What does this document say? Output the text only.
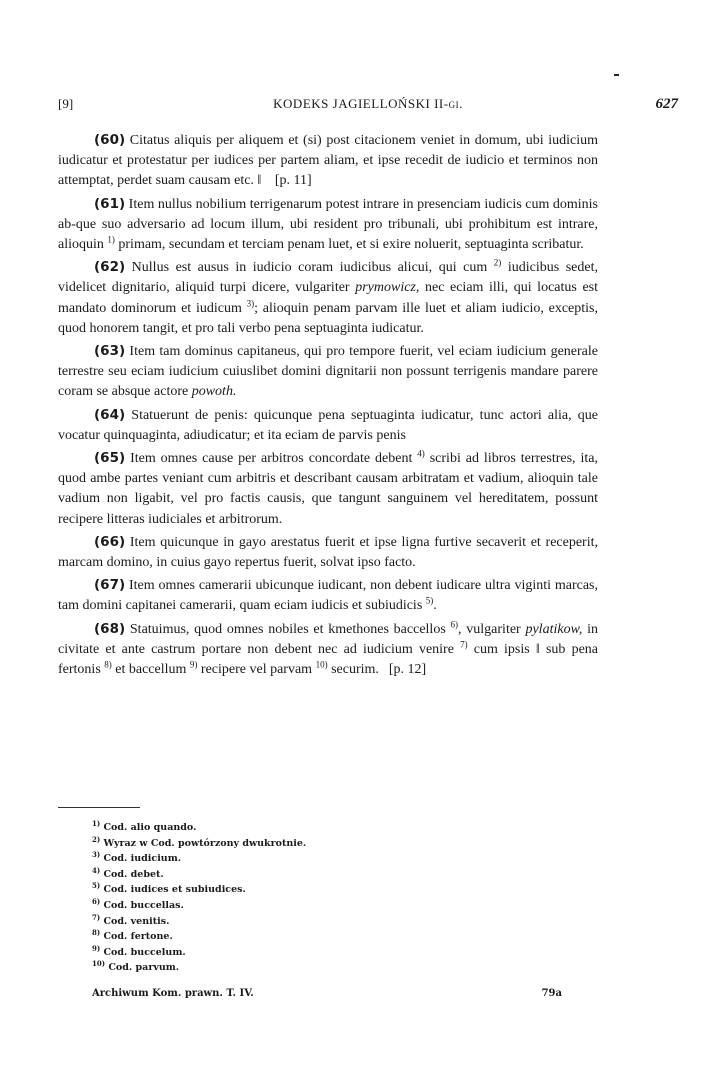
[9]	KODEKS JAGIELLOŃSKI II-gi.	627

(60) Citatus aliquis per aliquem et (si) post citacionem veniet in domum, ubi iudicium iudicatur et protestatur per iudices per partem aliam, et ipse recedit de iudicio et terminos non attemptat, perdet suam causam etc. ‖ [p. 11]

(61) Item nullus nobilium terrigenarum potest intrare in presenciam iudicis cum dominis ab-que suo adversario ad locum illum, ubi resident pro tribunali, ubi prohibitum est intrare, alioquin $^{1)}$ primam, secundam et terciam penam luet, et si exire noluerit, septuaginta scribatur.

(62) Nullus est ausus in iudicio coram iudicibus alicui, qui cum $^{2)}$ iudicibus sedet, videlicet dignitario, aliquid turpi dicere, vulgariter prymowicz, nec eciam illi, qui locatus est mandato dominorum et iudicum $^{3)}$; alioquin penam parvam ille luet et aliam iudicio, exceptis, quod honorem tangit, et pro tali verbo pena septuaginta iudicatur.

(63) Item tam dominus capitaneus, qui pro tempore fuerit, vel eciam iudicium generale terrestre seu eciam iudicium cuiuslibet domini dignitarii non possunt terrigenis mandare parere coram se absque actore powoth.

(64) Statuerunt de penis: quicunque pena septuaginta iudicatur, tunc actori alia, que vocatur quinquaginta, adiudicatur; et ita eciam de parvis penis

(65) Item omnes cause per arbitros concordate debent $^{4)}$ scribi ad libros terrestres, ita, quod ambe partes veniant cum arbitris et describant causam arbitratam et vadium, alioquin tale vadium non ligabit, vel pro factis causis, que tangunt sanguinem vel hereditatem, possunt recipere litteras iudiciales et arbitrorum.

(66) Item quicunque in gayo arestatus fuerit et ipse ligna furtive secaverit et receperit, marcam domino, in cuius gayo repertus fuerit, solvat ipso facto.

(67) Item omnes camerarii ubicunque iudicant, non debent iudicare ultra viginti marcas, tam domini capitanei camerarii, quam eciam iudicis et subiudicis $^{5)}$.

(68) Statuimus, quod omnes nobiles et kmethones baccellos $^{6)}$, vulgariter pylatikow, in civitate et ante castrum portare non debent nec ad iudicium venire $^{7)}$ cum ipsis ‖ sub pena fertonis $^{8)}$ et baccellum $^{9)}$ recipere vel parvam $^{10)}$ securim. [p. 12]

$^{1)}$ Cod. alio quando.
$^{2)}$ Wyraz w Cod. powtórzony dwukrotnie.
$^{3)}$ Cod. iudicium.
$^{4)}$ Cod. debet.
$^{5)}$ Cod. iudices et subiudices.
$^{6)}$ Cod. buccellas.
$^{7)}$ Cod. venitis.
$^{8)}$ Cod. fertone.
$^{9)}$ Cod. buccelum.
$^{10)}$ Cod. parvum.
Archiwum Kom. prawn. T. IV.	79a
